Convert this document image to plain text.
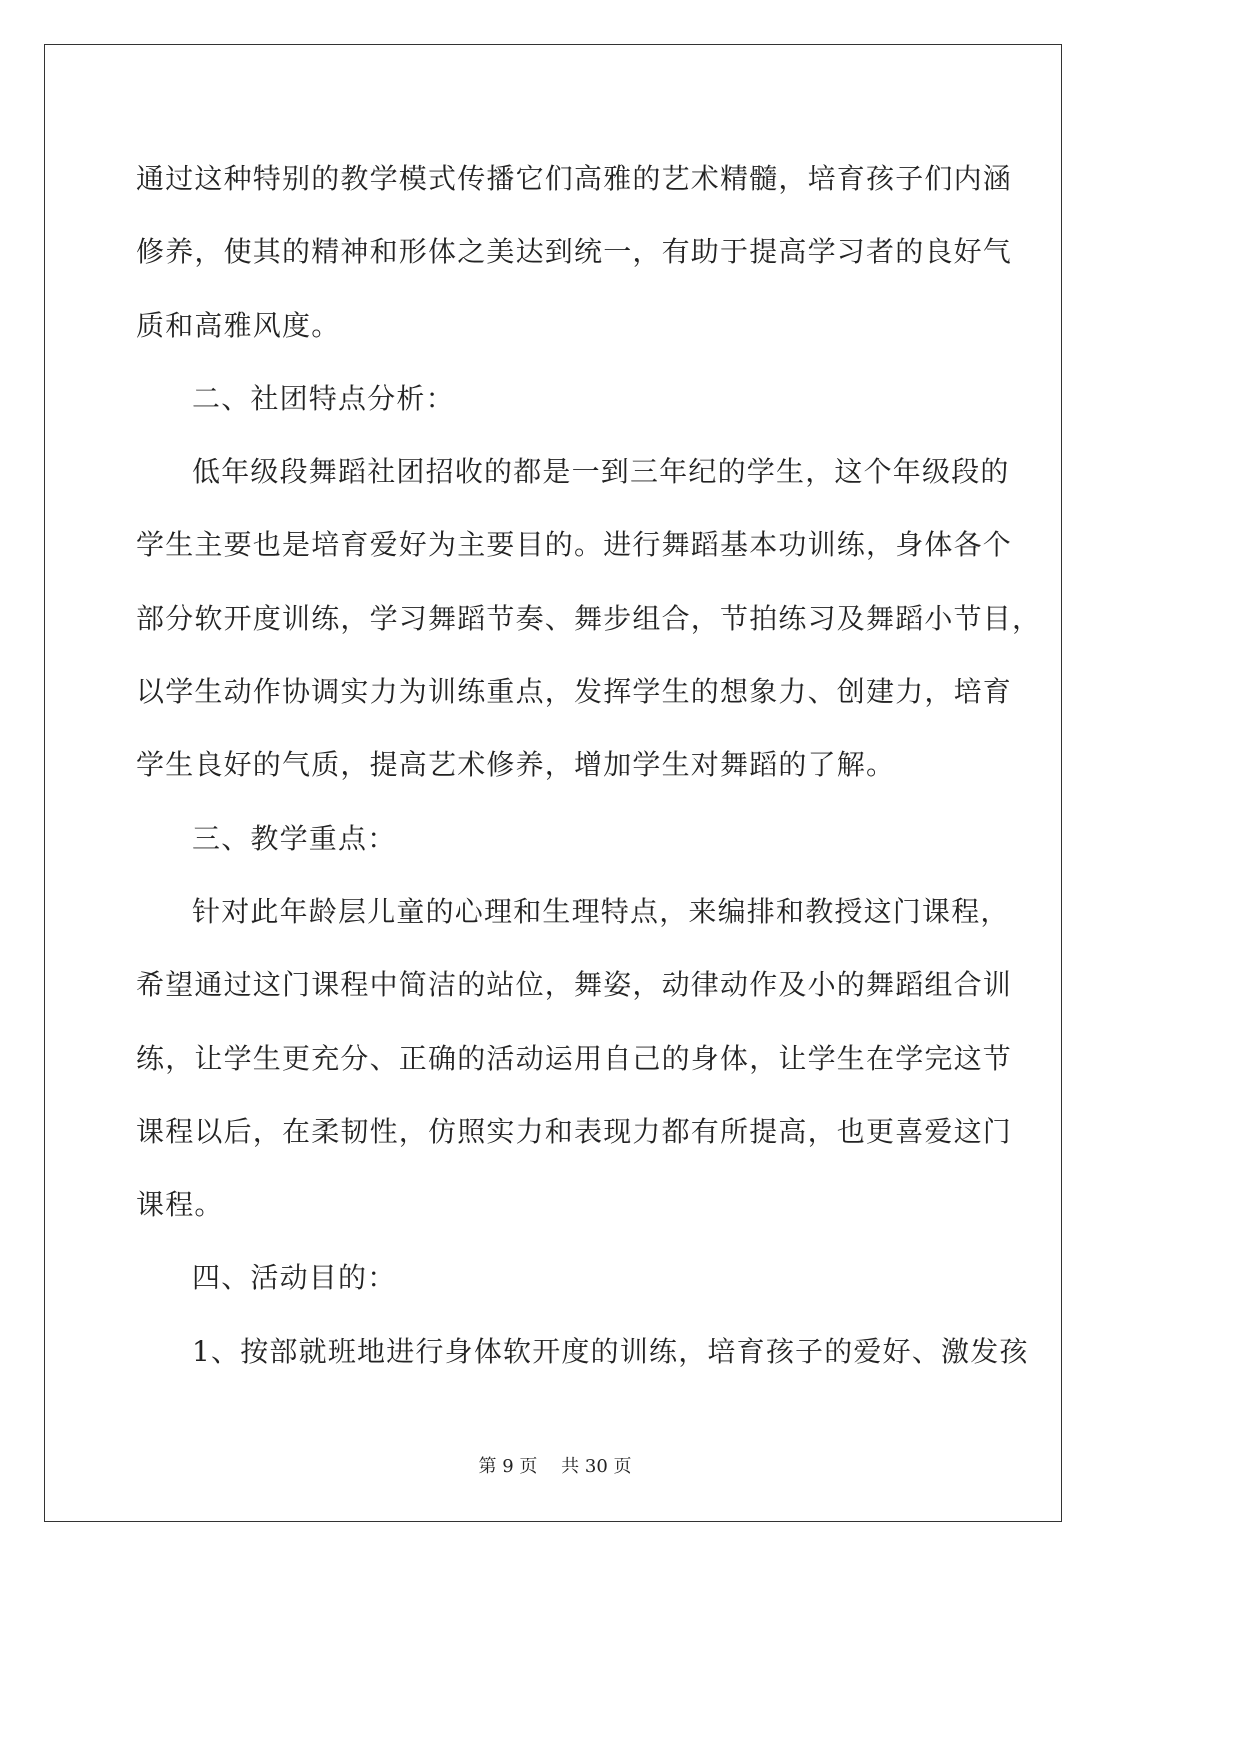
通过这种特别的教学模式传播它们高雅的艺术精髓，培育孩子们内涵
修养，使其的精神和形体之美达到统一，有助于提高学习者的良好气
质和高雅风度。
二、社团特点分析：
低年级段舞蹈社团招收的都是一到三年纪的学生，这个年级段的
学生主要也是培育爱好为主要目的。进行舞蹈基本功训练，身体各个
部分软开度训练，学习舞蹈节奏、舞步组合，节拍练习及舞蹈小节目，
以学生动作协调实力为训练重点，发挥学生的想象力、创建力，培育
学生良好的气质，提高艺术修养，增加学生对舞蹈的了解。
三、教学重点：
针对此年龄层儿童的心理和生理特点，来编排和教授这门课程，
希望通过这门课程中简洁的站位，舞姿，动律动作及小的舞蹈组合训
练，让学生更充分、正确的活动运用自己的身体，让学生在学完这节
课程以后，在柔韧性，仿照实力和表现力都有所提高，也更喜爱这门
课程。
四、活动目的：
1、按部就班地进行身体软开度的训练，培育孩子的爱好、激发孩
第 9 页 共 30 页
